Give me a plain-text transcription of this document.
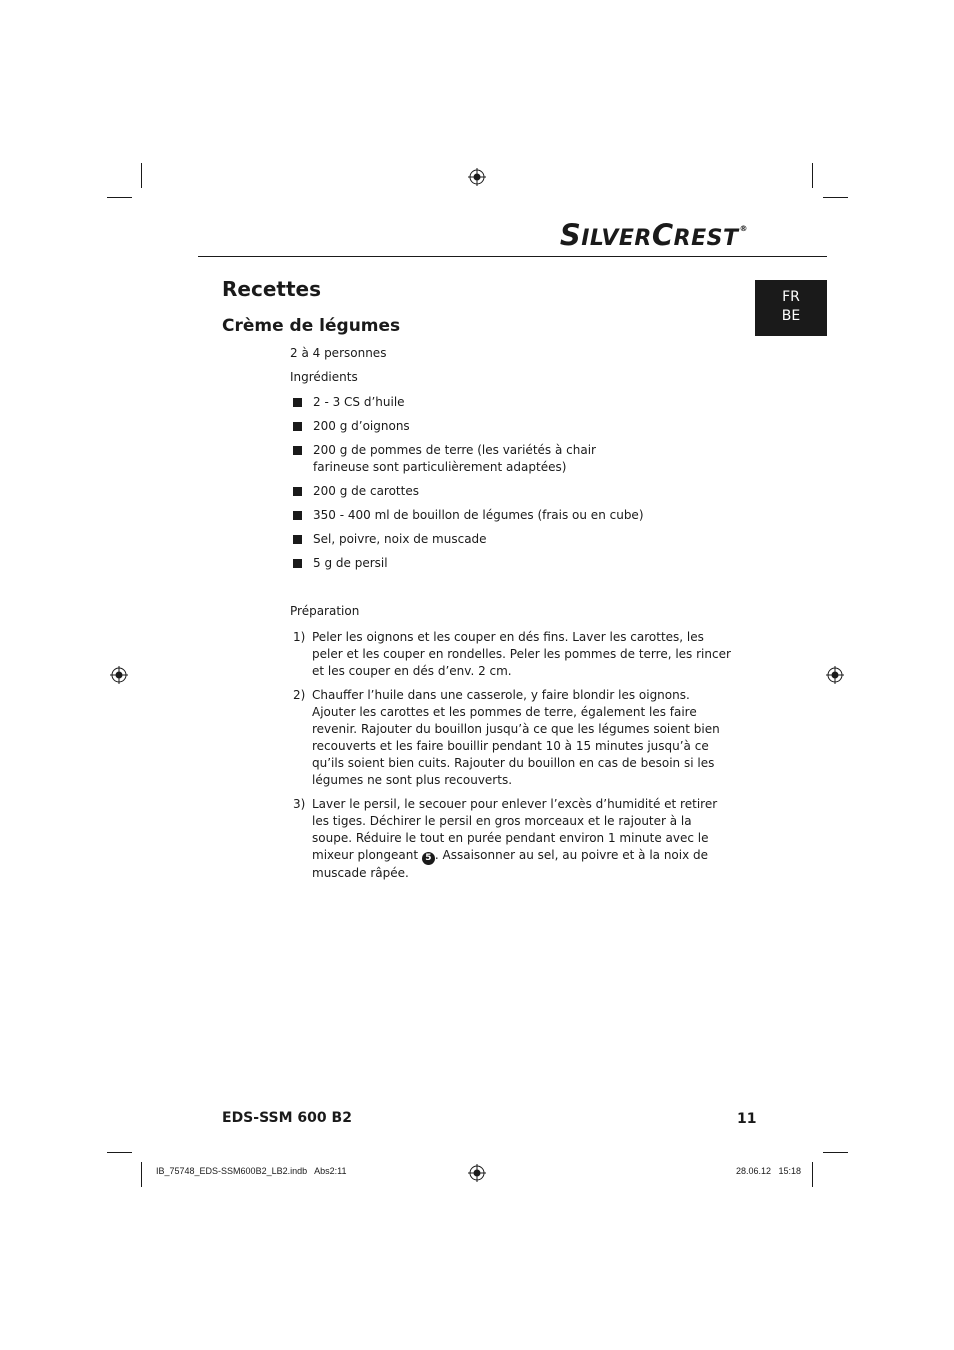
SILVERCREST®
FR
BE
Recettes
Crème de légumes
2 à 4 personnes
Ingrédients
2 - 3 CS d’huile
200 g d’oignons
200 g de pommes de terre (les variétés à chair farineuse sont particulièrement adaptées)
200 g de carottes
350 - 400 ml de bouillon de légumes (frais ou en cube)
Sel, poivre, noix de muscade
5 g de persil
Préparation
1) Peler les oignons et les couper en dés fins. Laver les carottes, les peler et les couper en rondelles. Peler les pommes de terre, les rincer et les couper en dés d’env. 2 cm.
2) Chauffer l’huile dans une casserole, y faire blondir les oignons. Ajouter les carottes et les pommes de terre, également les faire revenir. Rajouter du bouillon jusqu’à ce que les légumes soient bien recouverts et les faire bouillir pendant 10 à 15 minutes jusqu’à ce qu’ils soient bien cuits. Rajouter du bouillon en cas de besoin si les légumes ne sont plus recouverts.
3) Laver le persil, le secouer pour enlever l’excès d’humidité et retirer les tiges. Déchirer le persil en gros morceaux et le rajouter à la soupe. Réduire le tout en purée pendant environ 1 minute avec le mixeur plongeant 5 . Assaisonner au sel, au poivre et à la noix de muscade râpée.
EDS-SSM 600 B2	11
IB_75748_EDS-SSM600B2_LB2.indb   Abs2:11	28.06.12   15:18
